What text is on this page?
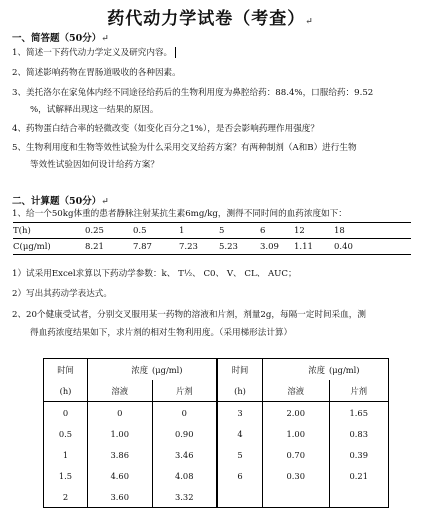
药代动力学试卷（考查）↵
一、简答题（50分）↵
1、简述一下药代动力学定义及研究内容。
2、简述影响药物在胃肠道吸收的各种因素。
3、美托洛尔在家兔体内经不同途径给药后的生物利用度为鼻腔给药：88.4%，口服给药：9.52
%，试解释出现这一结果的原因。
4、药物蛋白结合率的轻微改变（如变化百分之1%），是否会影响药理作用强度？
5、生物利用度和生物等效性试验为什么采用交叉给药方案？有两种制剂（A和B）进行生物
等效性试验因如何设计给药方案？
二、计算题（50分）↵
1、给一个50kg体重的患者静脉注射某抗生素6mg/kg，测得不同时间的血药浓度如下：
T(h)	0.25	0.5	1	5	6	12	18
C(μg/ml)	8.21	7.87	7.23	5.23	3.09	1.11	0.40
1）试采用Excel求算以下药动学参数：k、 T½、 C0、 V、 CL、 AUC；
2）写出其药动学表达式。
2、20个健康受试者，分别交叉服用某一药物的溶液和片剂，剂量2g，每隔一定时间采血，测
得血药浓度结果如下，求片剂的相对生物利用度。（采用梯形法计算）
时间	浓度	(μg/ml)	时间	浓度	(μg/ml)
(h)	溶液	片剂	(h)	溶液	片剂
0	0	0	3	2.00	1.65
0.5	1.00	0.90	4	1.00	0.83
1	3.86	3.46	5	0.70	0.39
1.5	4.60	4.08	6	0.30	0.21
2	3.60	3.32			
